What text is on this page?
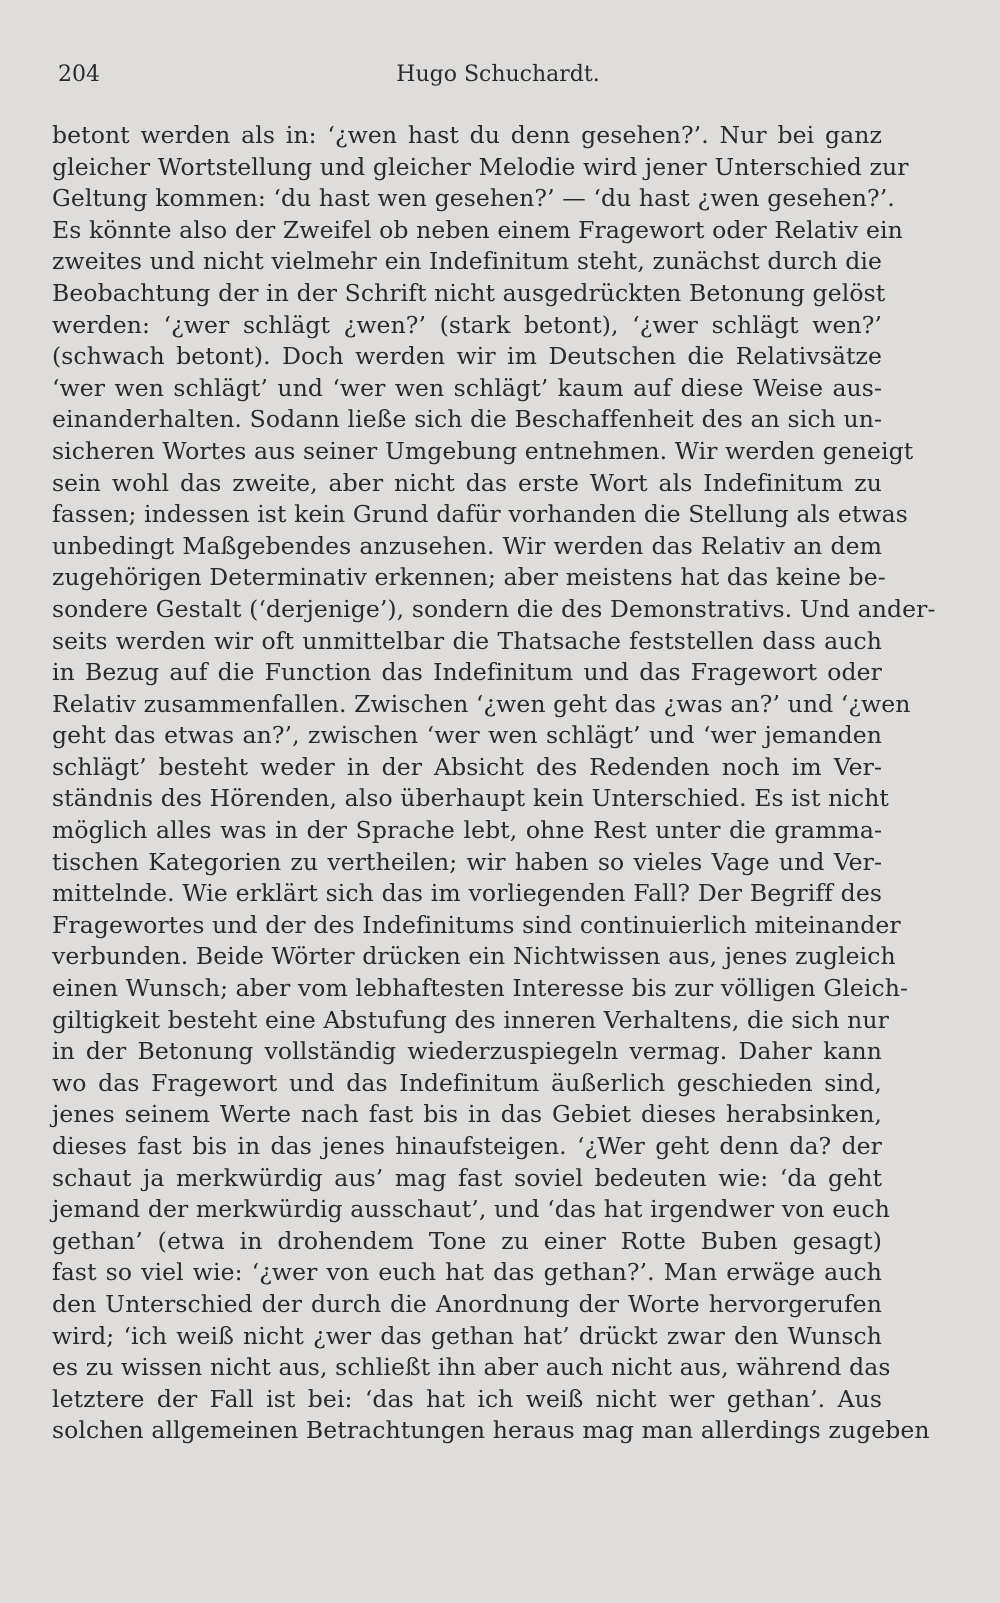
204	Hugo Schuchardt.
betont werden als in: ‘¿wen hast du denn gesehen?’. Nur bei ganz
gleicher Wortstellung und gleicher Melodie wird jener Unterschied zur
Geltung kommen: ‘du hast wen gesehen?’ — ‘du hast ¿wen gesehen?’.
Es könnte also der Zweifel ob neben einem Fragewort oder Relativ ein
zweites und nicht vielmehr ein Indefinitum steht, zunächst durch die
Beobachtung der in der Schrift nicht ausgedrückten Betonung gelöst
werden: ‘¿wer schlägt ¿wen?’ (stark betont), ‘¿wer schlägt wen?’
(schwach betont). Doch werden wir im Deutschen die Relativsätze
‘wer wen schlägt’ und ‘wer wen schlägt’ kaum auf diese Weise aus-
einanderhalten. Sodann ließe sich die Beschaffenheit des an sich un-
sicheren Wortes aus seiner Umgebung entnehmen. Wir werden geneigt
sein wohl das zweite, aber nicht das erste Wort als Indefinitum zu
fassen; indessen ist kein Grund dafür vorhanden die Stellung als etwas
unbedingt Maßgebendes anzusehen. Wir werden das Relativ an dem
zugehörigen Determinativ erkennen; aber meistens hat das keine be-
sondere Gestalt (‘derjenige’), sondern die des Demonstrativs. Und ander-
seits werden wir oft unmittelbar die Thatsache feststellen dass auch
in Bezug auf die Function das Indefinitum und das Fragewort oder
Relativ zusammenfallen. Zwischen ‘¿wen geht das ¿was an?’ und ‘¿wen
geht das etwas an?’, zwischen ‘wer wen schlägt’ und ‘wer jemanden
schlägt’ besteht weder in der Absicht des Redenden noch im Ver-
ständnis des Hörenden, also überhaupt kein Unterschied. Es ist nicht
möglich alles was in der Sprache lebt, ohne Rest unter die gramma-
tischen Kategorien zu vertheilen; wir haben so vieles Vage und Ver-
mittelnde. Wie erklärt sich das im vorliegenden Fall? Der Begriff des
Fragewortes und der des Indefinitums sind continuierlich miteinander
verbunden. Beide Wörter drücken ein Nichtwissen aus, jenes zugleich
einen Wunsch; aber vom lebhaftesten Interesse bis zur völligen Gleich-
giltigkeit besteht eine Abstufung des inneren Verhaltens, die sich nur
in der Betonung vollständig wiederzuspiegeln vermag. Daher kann
wo das Fragewort und das Indefinitum äußerlich geschieden sind,
jenes seinem Werte nach fast bis in das Gebiet dieses herabsinken,
dieses fast bis in das jenes hinaufsteigen. ‘¿Wer geht denn da? der
schaut ja merkwürdig aus’ mag fast soviel bedeuten wie: ‘da geht
jemand der merkwürdig ausschaut’, und ‘das hat irgendwer von euch
gethan’ (etwa in drohendem Tone zu einer Rotte Buben gesagt)
fast so viel wie: ‘¿wer von euch hat das gethan?’. Man erwäge auch
den Unterschied der durch die Anordnung der Worte hervorgerufen
wird; ‘ich weiß nicht ¿wer das gethan hat’ drückt zwar den Wunsch
es zu wissen nicht aus, schließt ihn aber auch nicht aus, während das
letztere der Fall ist bei: ‘das hat ich weiß nicht wer gethan’. Aus
solchen allgemeinen Betrachtungen heraus mag man allerdings zugeben
